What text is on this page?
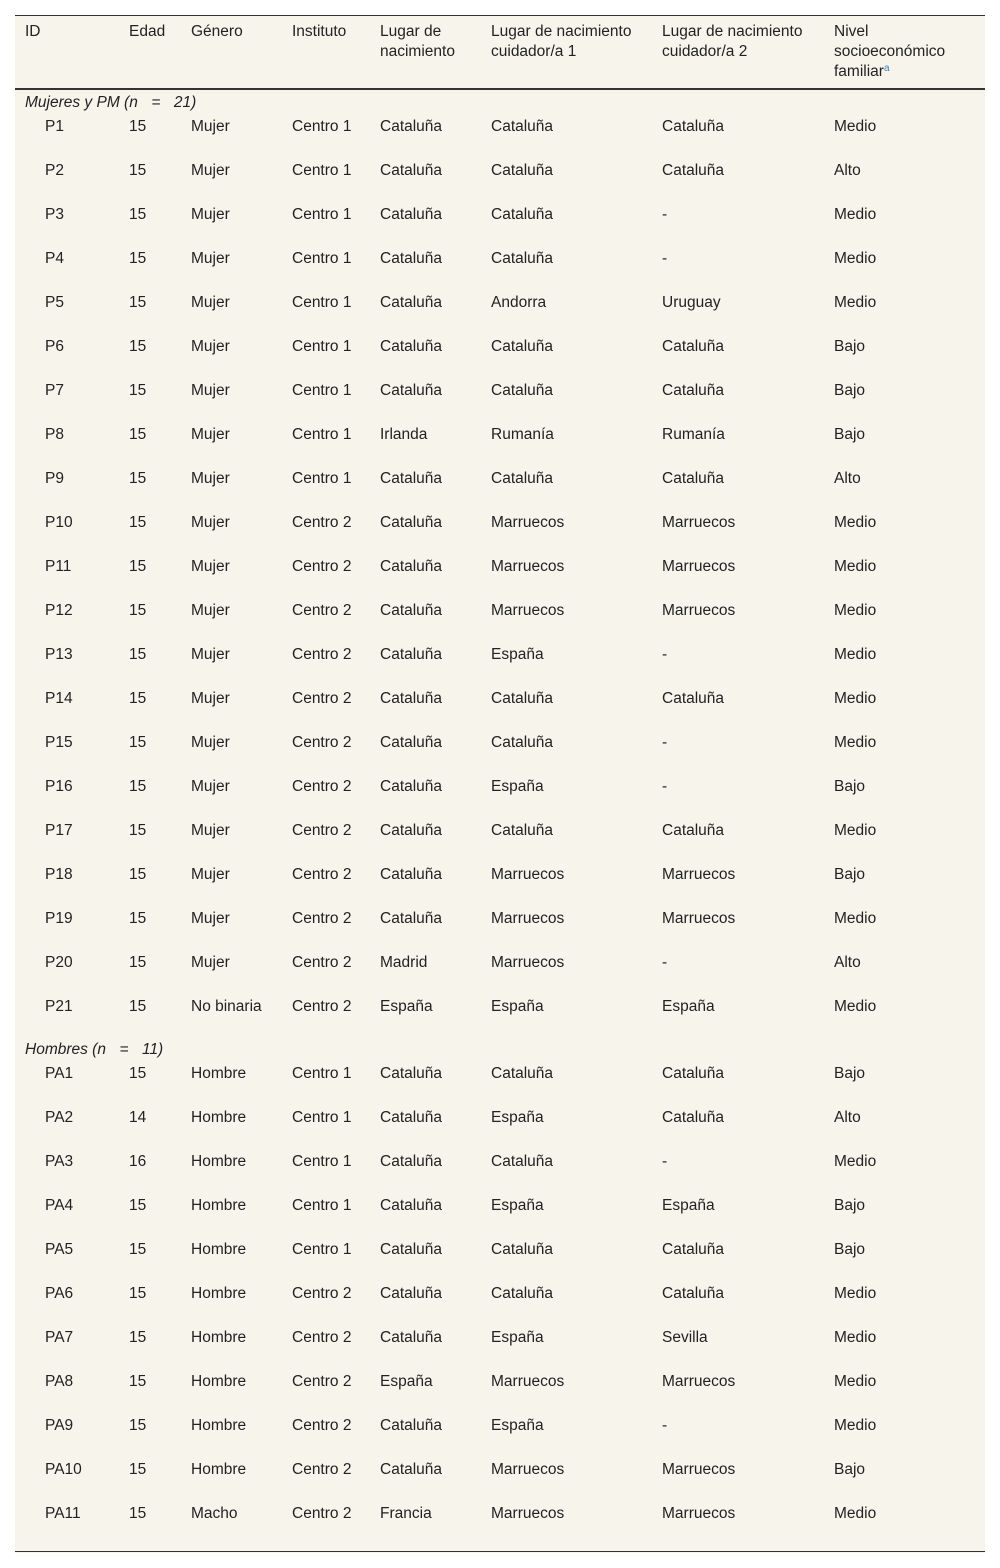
ID	Edad	Género	Instituto	Lugar de nacimiento	Lugar de nacimiento cuidador/a 1	Lugar de nacimiento cuidador/a 2	Nivel socioeconómico familiar$^a$
Mujeres y PM (n = 21)							
P1	15	Mujer	Centro 1	Cataluña	Cataluña	Cataluña	Medio
P2	15	Mujer	Centro 1	Cataluña	Cataluña	Cataluña	Alto
P3	15	Mujer	Centro 1	Cataluña	Cataluña	-	Medio
P4	15	Mujer	Centro 1	Cataluña	Cataluña	-	Medio
P5	15	Mujer	Centro 1	Cataluña	Andorra	Uruguay	Medio
P6	15	Mujer	Centro 1	Cataluña	Cataluña	Cataluña	Bajo
P7	15	Mujer	Centro 1	Cataluña	Cataluña	Cataluña	Bajo
P8	15	Mujer	Centro 1	Irlanda	Rumanía	Rumanía	Bajo
P9	15	Mujer	Centro 1	Cataluña	Cataluña	Cataluña	Alto
P10	15	Mujer	Centro 2	Cataluña	Marruecos	Marruecos	Medio
P11	15	Mujer	Centro 2	Cataluña	Marruecos	Marruecos	Medio
P12	15	Mujer	Centro 2	Cataluña	Marruecos	Marruecos	Medio
P13	15	Mujer	Centro 2	Cataluña	España	-	Medio
P14	15	Mujer	Centro 2	Cataluña	Cataluña	Cataluña	Medio
P15	15	Mujer	Centro 2	Cataluña	Cataluña	-	Medio
P16	15	Mujer	Centro 2	Cataluña	España	-	Bajo
P17	15	Mujer	Centro 2	Cataluña	Cataluña	Cataluña	Medio
P18	15	Mujer	Centro 2	Cataluña	Marruecos	Marruecos	Bajo
P19	15	Mujer	Centro 2	Cataluña	Marruecos	Marruecos	Medio
P20	15	Mujer	Centro 2	Madrid	Marruecos	-	Alto
P21	15	No binaria	Centro 2	España	España	España	Medio
Hombres (n = 11)							
PA1	15	Hombre	Centro 1	Cataluña	Cataluña	Cataluña	Bajo
PA2	14	Hombre	Centro 1	Cataluña	España	Cataluña	Alto
PA3	16	Hombre	Centro 1	Cataluña	Cataluña	-	Medio
PA4	15	Hombre	Centro 1	Cataluña	España	España	Bajo
PA5	15	Hombre	Centro 1	Cataluña	Cataluña	Cataluña	Bajo
PA6	15	Hombre	Centro 2	Cataluña	Cataluña	Cataluña	Medio
PA7	15	Hombre	Centro 2	Cataluña	España	Sevilla	Medio
PA8	15	Hombre	Centro 2	España	Marruecos	Marruecos	Medio
PA9	15	Hombre	Centro 2	Cataluña	España	-	Medio
PA10	15	Hombre	Centro 2	Cataluña	Marruecos	Marruecos	Bajo
PA11	15	Macho	Centro 2	Francia	Marruecos	Marruecos	Medio
